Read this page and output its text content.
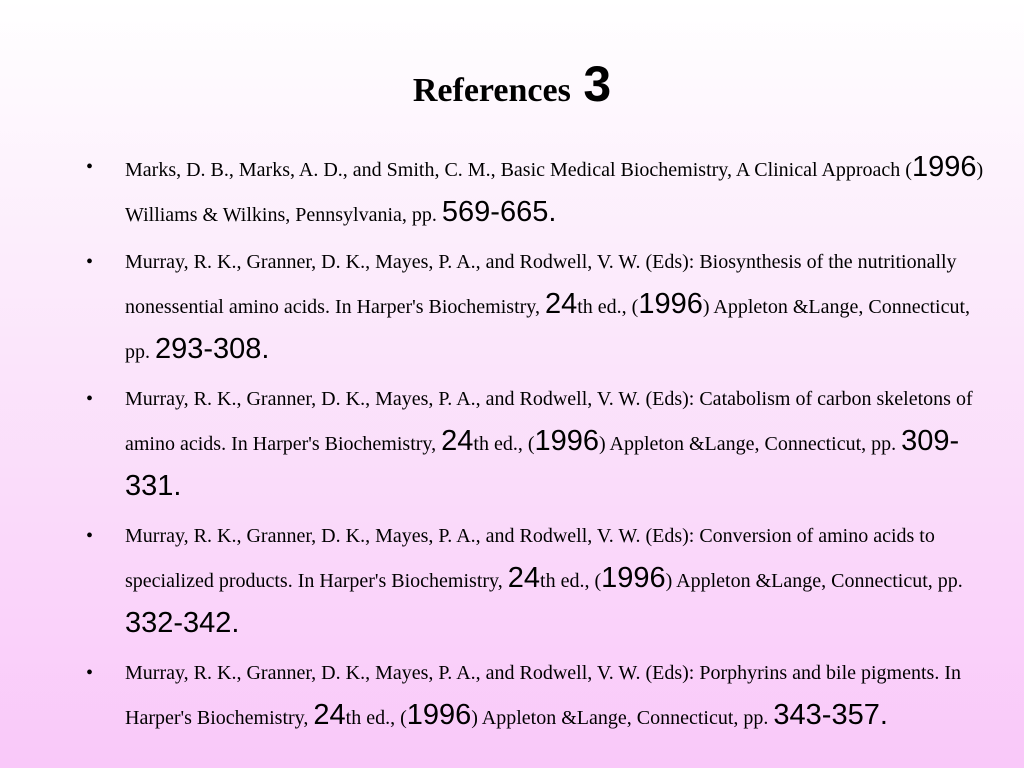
References 3
• Marks, D. B., Marks, A. D., and Smith, C. M., Basic Medical Biochemistry, A Clinical Approach (1996) Williams & Wilkins, Pennsylvania, pp. 569-665.
• Murray, R. K., Granner, D. K., Mayes, P. A., and Rodwell, V. W. (Eds): Biosynthesis of the nutritionally nonessential amino acids. In Harper's Biochemistry, 24th ed., (1996) Appleton &Lange, Connecticut, pp. 293-308.
• Murray, R. K., Granner, D. K., Mayes, P. A., and Rodwell, V. W. (Eds): Catabolism of carbon skeletons of amino acids. In Harper's Biochemistry, 24th ed., (1996) Appleton &Lange, Connecticut, pp. 309-331.
• Murray, R. K., Granner, D. K., Mayes, P. A., and Rodwell, V. W. (Eds): Conversion of amino acids to specialized products. In Harper's Biochemistry, 24th ed., (1996) Appleton &Lange, Connecticut, pp. 332-342.
• Murray, R. K., Granner, D. K., Mayes, P. A., and Rodwell, V. W. (Eds): Porphyrins and bile pigments. In Harper's Biochemistry, 24th ed., (1996) Appleton &Lange, Connecticut, pp. 343-357.
